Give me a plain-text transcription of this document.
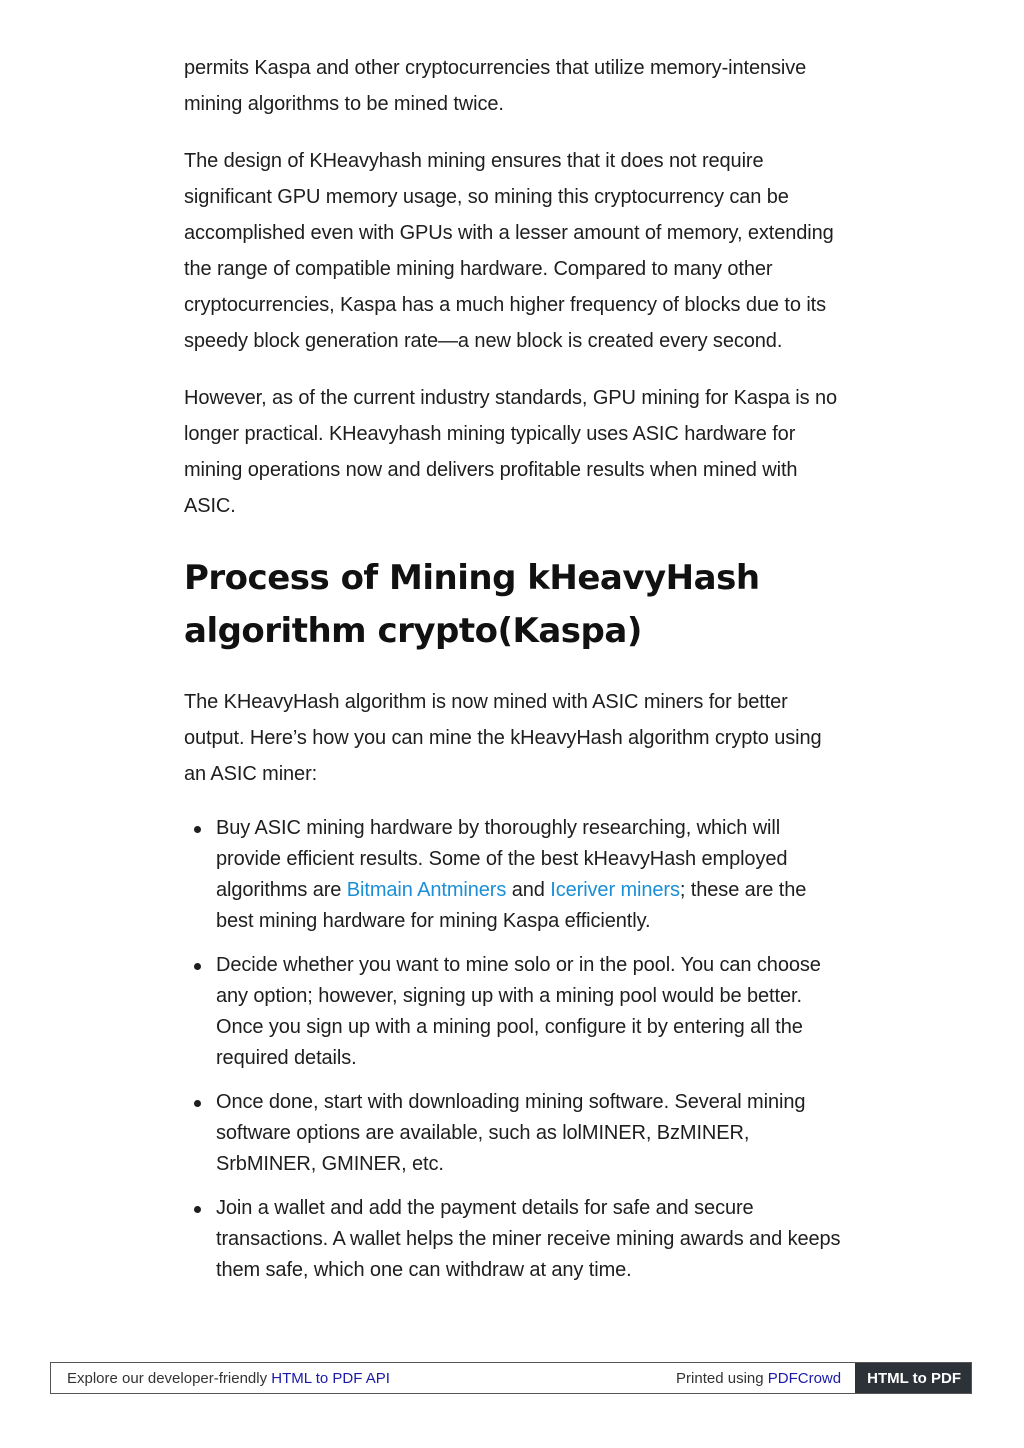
permits Kaspa and other cryptocurrencies that utilize memory-intensive mining algorithms to be mined twice.

The design of KHeavyhash mining ensures that it does not require significant GPU memory usage, so mining this cryptocurrency can be accomplished even with GPUs with a lesser amount of memory, extending the range of compatible mining hardware. Compared to many other cryptocurrencies, Kaspa has a much higher frequency of blocks due to its speedy block generation rate—a new block is created every second.

However, as of the current industry standards, GPU mining for Kaspa is no longer practical. KHeavyhash mining typically uses ASIC hardware for mining operations now and delivers profitable results when mined with ASIC.

Process of Mining kHeavyHash algorithm crypto(Kaspa)

The KHeavyHash algorithm is now mined with ASIC miners for better output. Here’s how you can mine the kHeavyHash algorithm crypto using an ASIC miner:

Buy ASIC mining hardware by thoroughly researching, which will provide efficient results. Some of the best kHeavyHash employed algorithms are Bitmain Antminers and Iceriver miners; these are the best mining hardware for mining Kaspa efficiently.
Decide whether you want to mine solo or in the pool. You can choose any option; however, signing up with a mining pool would be better. Once you sign up with a mining pool, configure it by entering all the required details.
Once done, start with downloading mining software. Several mining software options are available, such as lolMINER, BzMINER, SrbMINER, GMINER, etc.
Join a wallet and add the payment details for safe and secure transactions. A wallet helps the miner receive mining awards and keeps them safe, which one can withdraw at any time.
Explore our developer-friendly HTML to PDF API	Printed using PDFCrowd	HTML to PDF
